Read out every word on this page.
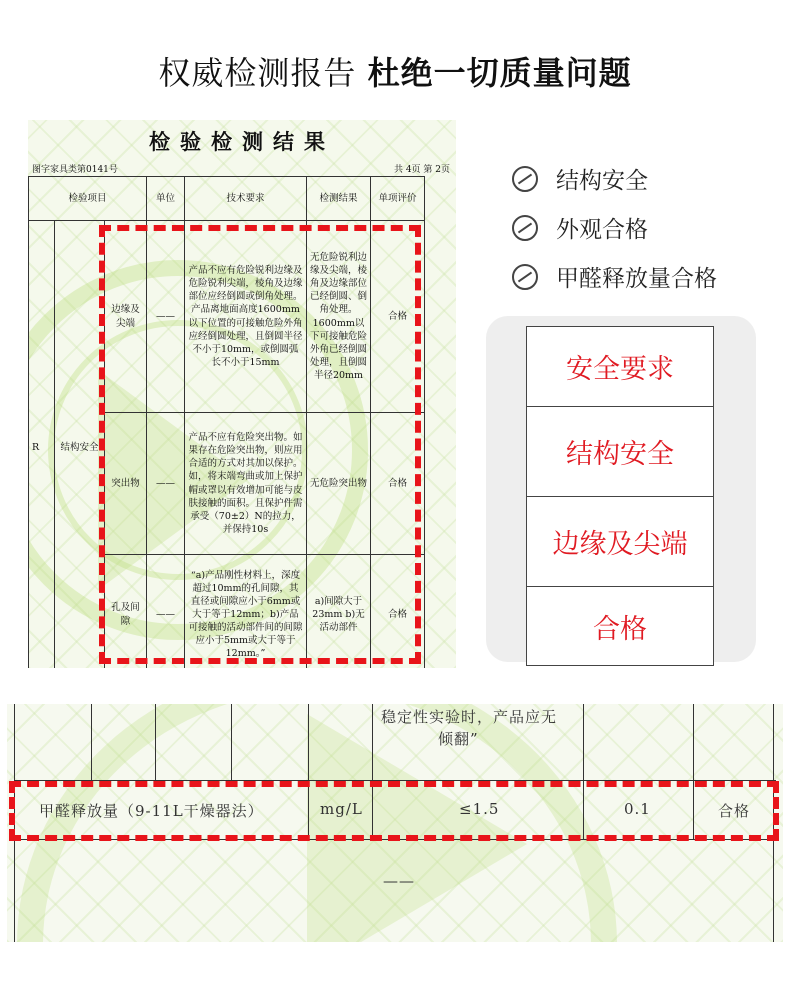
权威检测报告 杜绝一切质量问题
检验检测结果
图字家具类第0141号	共 4页 第 2页
检验项目			单位	技术要求	检测结果	单项评价
R	结构安全	边缘及尖端	——	产品不应有危险锐利边缘及危险锐利尖端，棱角及边缘部位应经倒圆或倒角处理。产品离地面高度1600mm以下位置的可接触危险外角应经倒圆处理，且倒圆半径不小于10mm，或倒圆弧长不小于15mm	无危险锐利边缘及尖端，棱角及边缘部位已经倒圆、倒角处理。1600mm以下可接触危险外角已经倒圆处理，且倒圆半径20mm	合格
		突出物	——	产品不应有危险突出物。如果存在危险突出物，则应用合适的方式对其加以保护。如，将末端弯曲或加上保护帽或罩以有效增加可能与皮肤接触的面积。且保护件需承受（70±2）N的拉力，并保持10s	无危险突出物	合格
		孔及间隙	——	“a)产品刚性材料上，深度超过10mm的孔间隙，其直径或间隙应小于6mm或大于等于12mm；b)产品可接触的活动部件间的间隙应小于5mm或大于等于12mm。”	a)间隙大于23mm b)无活动部件	合格
结构安全
外观合格
甲醛释放量合格
安全要求
结构安全
边缘及尖端
合格
稳定性实验时，产品应无
倾翻”
甲醛释放量（9-11L干燥器法）	mg/L	≤1.5	0.1	合格
——
